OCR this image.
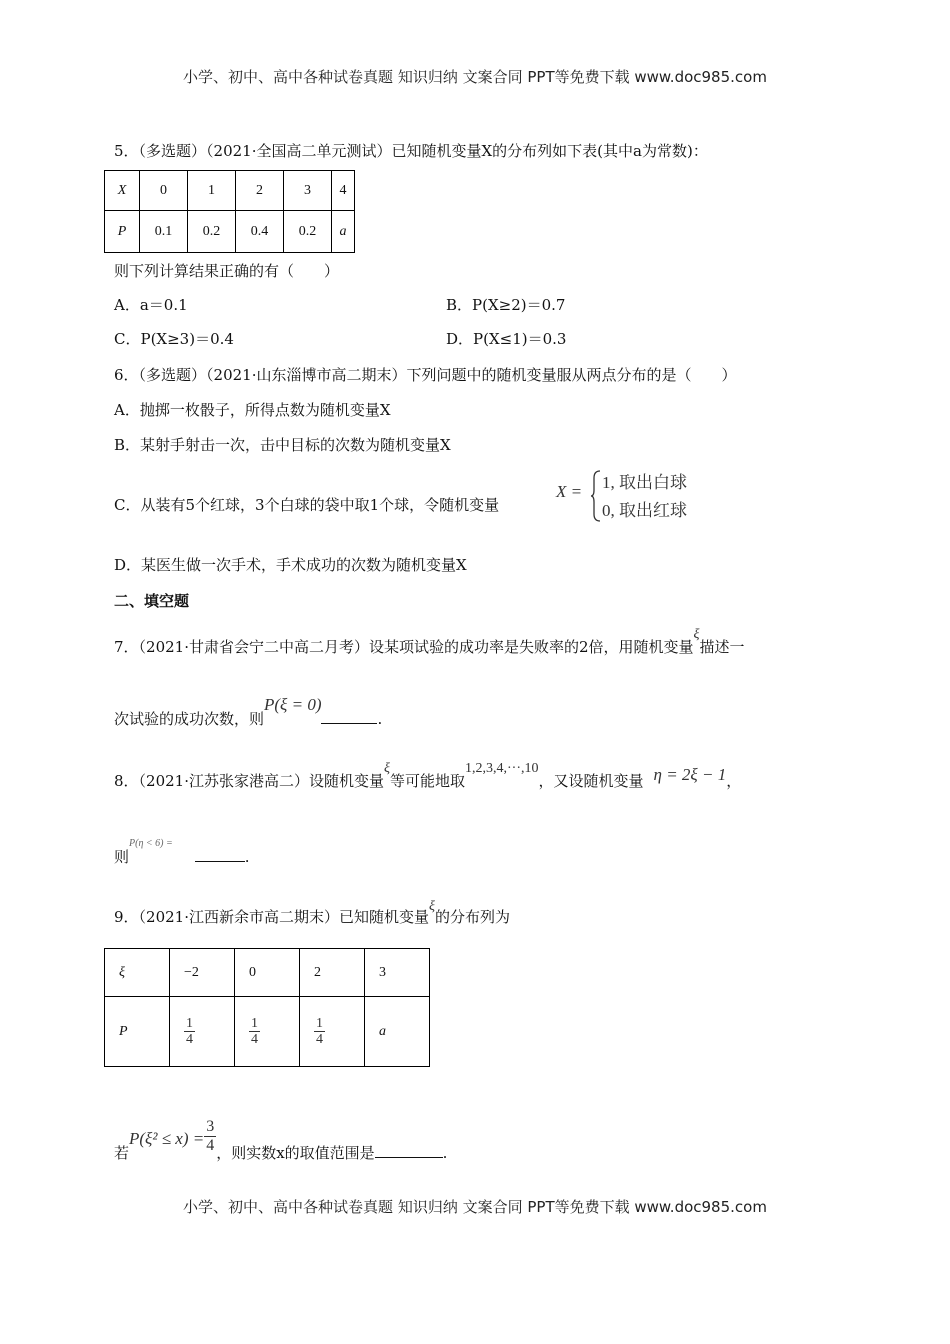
小学、初中、高中各种试卷真题 知识归纳 文案合同 PPT等免费下载 www.doc985.com
5．（多选题）（2021·全国高二单元测试）已知随机变量X的分布列如下表(其中a为常数)：
X	0	1	2	3	4
P	0.1	0.2	0.4	0.2	a
则下列计算结果正确的有（　　）
A．a＝0.1	B．P(X≥2)＝0.7
C．P(X≥3)＝0.4	D．P(X≤1)＝0.3
6．（多选题）（2021·山东淄博市高二期末）下列问题中的随机变量服从两点分布的是（　　）
A．抛掷一枚骰子，所得点数为随机变量X
B．某射手射击一次，击中目标的次数为随机变量X
C．从装有5个红球，3个白球的袋中取1个球，令随机变量
X = 1, 取出白球
0, 取出红球
D．某医生做一次手术，手术成功的次数为随机变量X
二、填空题
7．（2021·甘肃省会宁二中高二月考）设某项试验的成功率是失败率的2倍，用随机变量ξ描述一
次试验的成功次数，则P(ξ = 0).
8．（2021·江苏张家港高二）设随机变量ξ等可能地取1,2,3,4,···,10，又设随机变量 η = 2ξ − 1，
则$^{P(\eta < 6) =}$.
9．（2021·江西新余市高二期末）已知随机变量ξ的分布列为
ξ	−2	0	2	3
P	$\frac{1}{4}$	$\frac{1}{4}$	$\frac{1}{4}$	a
若$P(\xi^2 \le x) = \frac{3}{4}$ ，则实数x的取值范围是	.
小学、初中、高中各种试卷真题 知识归纳 文案合同 PPT等免费下载 www.doc985.com
